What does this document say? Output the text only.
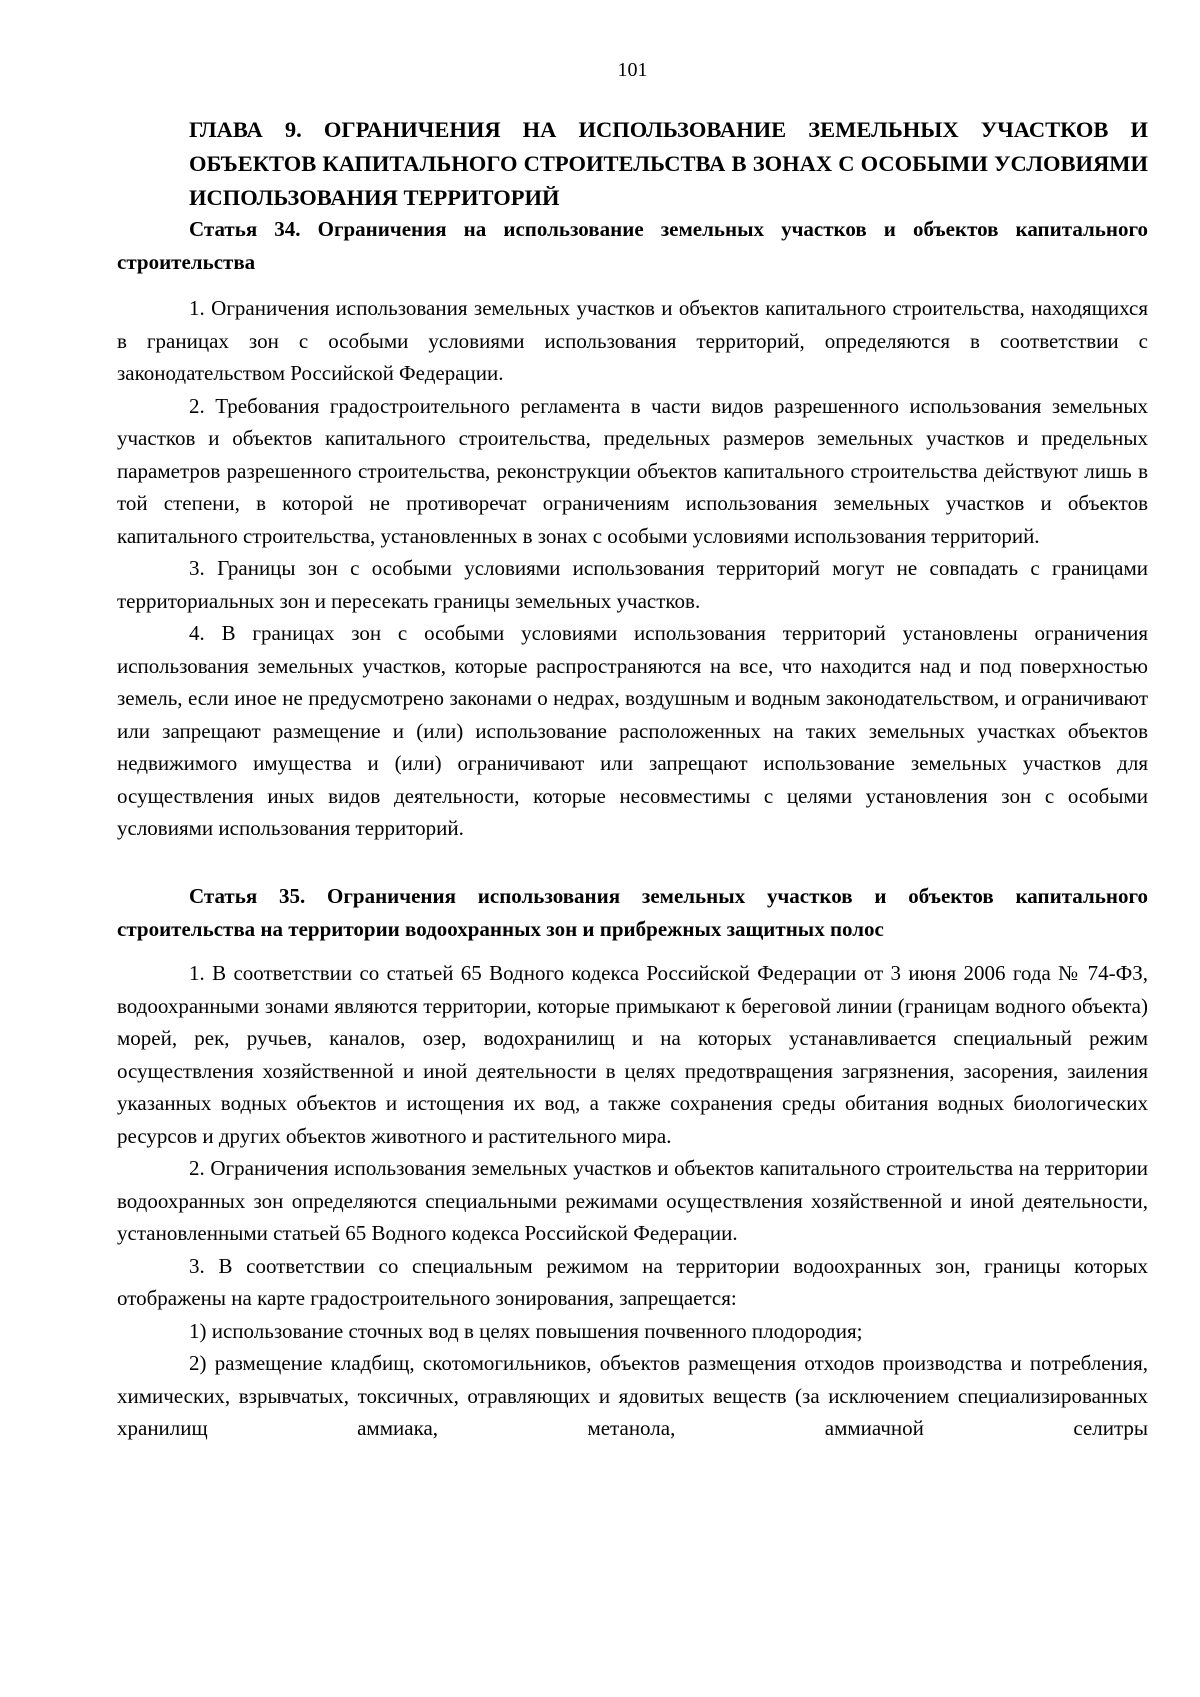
101
ГЛАВА 9. ОГРАНИЧЕНИЯ НА ИСПОЛЬЗОВАНИЕ ЗЕМЕЛЬНЫХ УЧАСТКОВ И ОБЪЕКТОВ КАПИТАЛЬНОГО СТРОИТЕЛЬСТВА В ЗОНАХ С ОСОБЫМИ УСЛОВИЯМИ ИСПОЛЬЗОВАНИЯ ТЕРРИТОРИЙ
Статья 34. Ограничения на использование земельных участков и объектов капитального строительства

1. Ограничения использования земельных участков и объектов капитального строительства, находящихся в границах зон с особыми условиями использования территорий, определяются в соответствии с законодательством Российской Федерации.

2. Требования градостроительного регламента в части видов разрешенного использования земельных участков и объектов капитального строительства, предельных размеров земельных участков и предельных параметров разрешенного строительства, реконструкции объектов капитального строительства действуют лишь в той степени, в которой не противоречат ограничениям использования земельных участков и объектов капитального строительства, установленных в зонах с особыми условиями использования территорий.

3. Границы зон с особыми условиями использования территорий могут не совпадать с границами территориальных зон и пересекать границы земельных участков.

4. В границах зон с особыми условиями использования территорий установлены ограничения использования земельных участков, которые распространяются на все, что находится над и под поверхностью земель, если иное не предусмотрено законами о недрах, воздушным и водным законодательством, и ограничивают или запрещают размещение и (или) использование расположенных на таких земельных участках объектов недвижимого имущества и (или) ограничивают или запрещают использование земельных участков для осуществления иных видов деятельности, которые несовместимы с целями установления зон с особыми условиями использования территорий.

Статья 35. Ограничения использования земельных участков и объектов капитального строительства на территории водоохранных зон и прибрежных защитных полос

1. В соответствии со статьей 65 Водного кодекса Российской Федерации от 3 июня 2006 года № 74-ФЗ, водоохранными зонами являются территории, которые примыкают к береговой линии (границам водного объекта) морей, рек, ручьев, каналов, озер, водохранилищ и на которых устанавливается специальный режим осуществления хозяйственной и иной деятельности в целях предотвращения загрязнения, засорения, заиления указанных водных объектов и истощения их вод, а также сохранения среды обитания водных биологических ресурсов и других объектов животного и растительного мира.

2. Ограничения использования земельных участков и объектов капитального строительства на территории водоохранных зон определяются специальными режимами осуществления хозяйственной и иной деятельности, установленными статьей 65 Водного кодекса Российской Федерации.

3. В соответствии со специальным режимом на территории водоохранных зон, границы которых отображены на карте градостроительного зонирования, запрещается:

1) использование сточных вод в целях повышения почвенного плодородия;

2) размещение кладбищ, скотомогильников, объектов размещения отходов производства и потребления, химических, взрывчатых, токсичных, отравляющих и ядовитых веществ (за исключением специализированных хранилищ аммиака, метанола, аммиачной селитры
